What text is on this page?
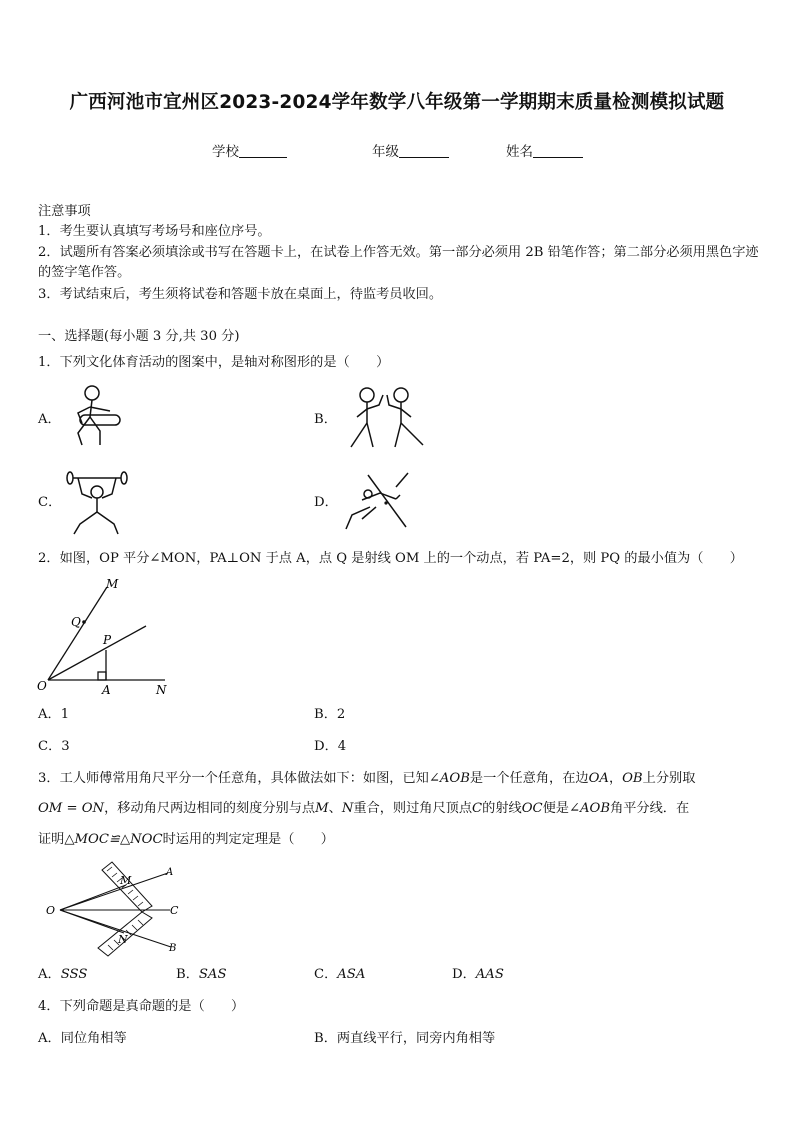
广西河池市宜州区2023-2024学年数学八年级第一学期期末质量检测模拟试题
学校	年级	姓名
注意事项
1．考生要认真填写考场号和座位序号。
2．试题所有答案必须填涂或书写在答题卡上，在试卷上作答无效。第一部分必须用 2B 铅笔作答；第二部分必须用黑色字迹的签字笔作答。
3．考试结束后，考生须将试卷和答题卡放在桌面上，待监考员收回。
一、选择题(每小题 3 分,共 30 分)
1．下列文化体育活动的图案中，是轴对称图形的是（　　）
A．	B．
C．	D．
2．如图，OP 平分∠MON，PA⊥ON 于点 A，点 Q 是射线 OM 上的一个动点，若 PA=2，则 PQ 的最小值为（　　）
M
Q
P
O	A	N
A．1	B．2
C．3	D．4
3．工人师傅常用角尺平分一个任意角，具体做法如下：如图，已知∠AOB是一个任意角，在边OA，OB上分别取
OM = ON，移动角尺两边相同的刻度分别与点M、N重合，则过角尺顶点C的射线OC便是∠AOB角平分线．在
证明△MOC≌△NOC时运用的判定定理是（　　）
O
M
N
A
B
C
A．SSS	B．SAS	C．ASA	D．AAS
4．下列命题是真命题的是（　　）
A．同位角相等	B．两直线平行，同旁内角相等
